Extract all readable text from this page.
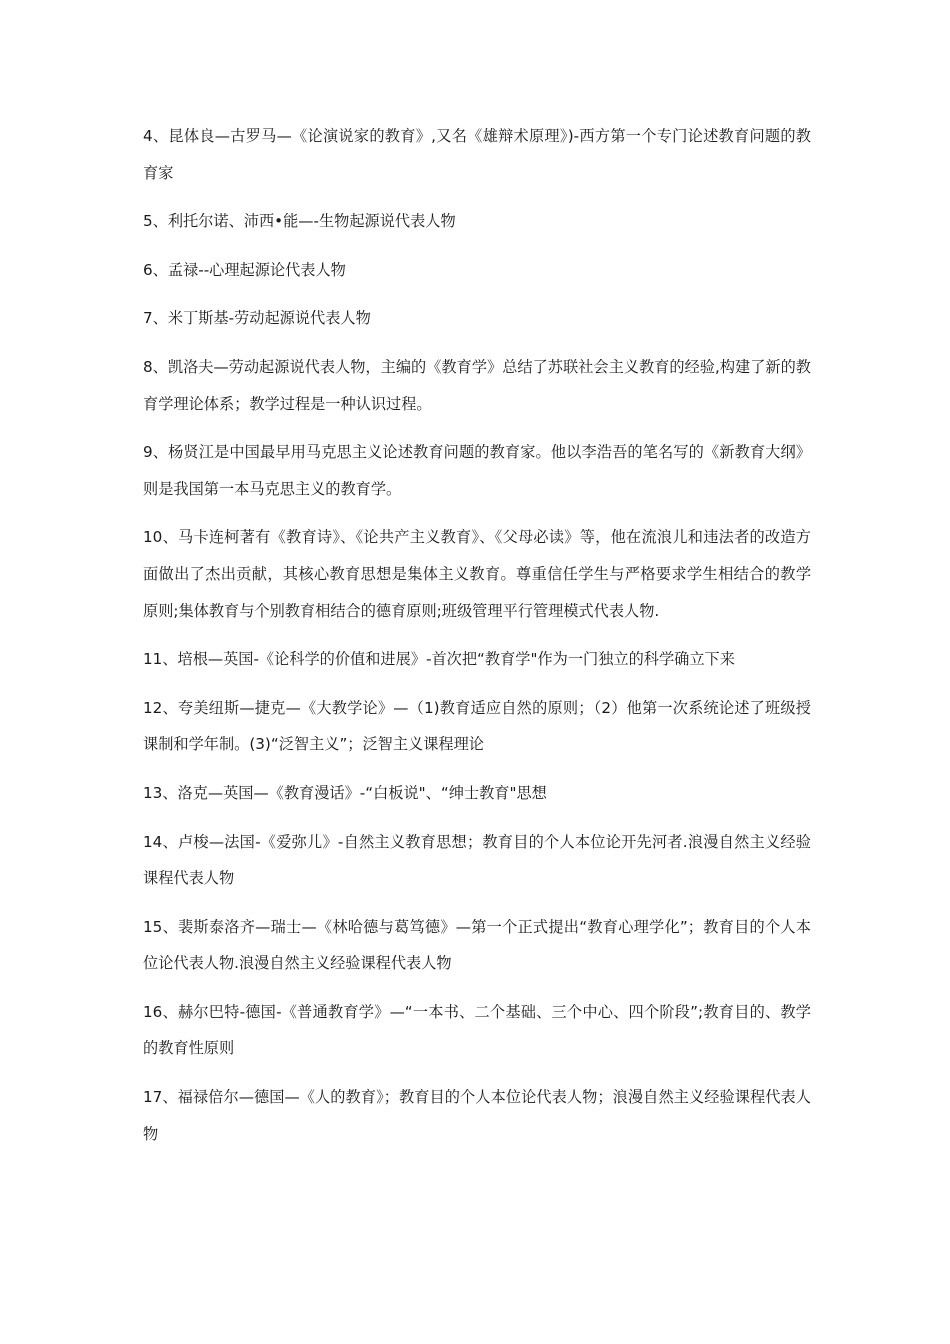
4、昆体良—古罗马—《论演说家的教育》,又名《雄辩术原理》)-西方第一个专门论述教育问题的教育家

5、利托尔诺、沛西•能—-生物起源说代表人物

6、孟禄--心理起源论代表人物

7、米丁斯基-劳动起源说代表人物

8、凯洛夫—劳动起源说代表人物，主编的《教育学》总结了苏联社会主义教育的经验,构建了新的教育学理论体系；教学过程是一种认识过程。

9、杨贤江是中国最早用马克思主义论述教育问题的教育家。他以李浩吾的笔名写的《新教育大纲》则是我国第一本马克思主义的教育学。

10、马卡连柯著有《教育诗》、《论共产主义教育》、《父母必读》等，他在流浪儿和违法者的改造方面做出了杰出贡献，其核心教育思想是集体主义教育。尊重信任学生与严格要求学生相结合的教学原则;集体教育与个别教育相结合的德育原则;班级管理平行管理模式代表人物.

11、培根—英国-《论科学的价值和进展》-首次把“教育学"作为一门独立的科学确立下来

12、夸美纽斯—捷克—《大教学论》—（1)教育适应自然的原则；（2）他第一次系统论述了班级授课制和学年制。(3)“泛智主义”；泛智主义课程理论

13、洛克—英国—《教育漫话》-“白板说"、“绅士教育"思想

14、卢梭—法国-《爱弥儿》-自然主义教育思想；教育目的个人本位论开先河者.浪漫自然主义经验课程代表人物

15、裴斯泰洛齐—瑞士—《林哈德与葛笃德》—第一个正式提出“教育心理学化”；教育目的个人本位论代表人物.浪漫自然主义经验课程代表人物

16、赫尔巴特-德国-《普通教育学》—“一本书、二个基础、三个中心、四个阶段”;教育目的、教学的教育性原则

17、福禄倍尔—德国—《人的教育》；教育目的个人本位论代表人物；浪漫自然主义经验课程代表人物
